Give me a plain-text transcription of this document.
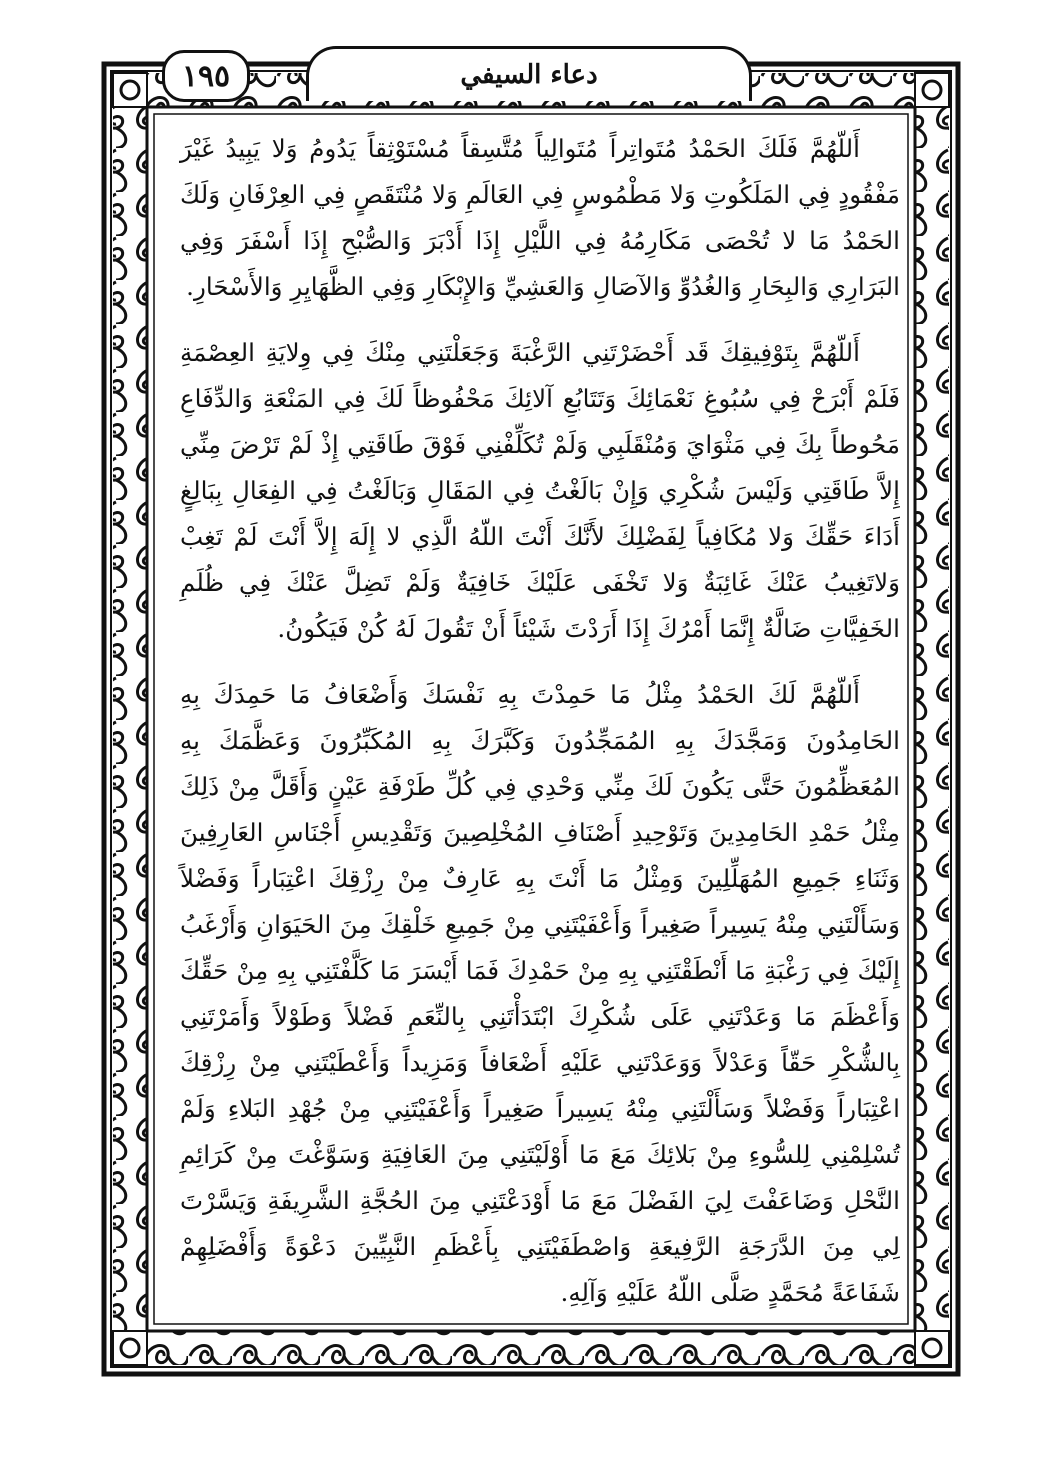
١٩٥	دعاء السيفي

أَللّهُمَّ فَلَكَ الحَمْدُ مُتَواتِراً مُتَوالِياً مُتَّسِقاً مُسْتَوْثِقاً يَدُومُ وَلا يَبِيدُ غَيْرَ مَفْقُودٍ فِي المَلَكُوتِ وَلا مَطْمُوسٍ فِي العَالَمِ وَلا مُنْتَقَصٍ فِي العِرْفَانِ وَلَكَ الحَمْدُ مَا لا تُحْصَى مَكَارِمُهُ فِي اللَّيْلِ إِذَا أَدْبَرَ وَالصُّبْحِ إِذَا أَسْفَرَ وَفِي البَرَارِي وَالبِحَارِ وَالغُدُوِّ وَالآصَالِ وَالعَشِيِّ وَالإِبْكَارِ وَفِي الظَّهَايِرِ وَالأَسْحَارِ.

أَللّهُمَّ بِتَوْفِيقِكَ قَد أَحْضَرْتَنِي الرَّغْبَةَ وَجَعَلْتَنِي مِنْكَ فِي وِلايَةِ العِصْمَةِ فَلَمْ أَبْرَحْ فِي سُبُوغِ نَعْمَائِكَ وَتَتَابُعِ آلائِكَ مَحْفُوظاً لَكَ فِي المَنْعَةِ وَالدِّفَاعِ مَحُوطاً بِكَ فِي مَثْوَايَ وَمُنْقَلَبِي وَلَمْ تُكَلِّفْنِي فَوْقَ طَاقَتِي إِذْ لَمْ تَرْضَ مِنِّي إِلاَّ طَاقَتِي وَلَيْسَ شُكْرِي وَإِنْ بَالَغْتُ فِي المَقَالِ وَبَالَغْتُ فِي الفِعَالِ بِبَالِغٍ أَدَاءَ حَقِّكَ وَلا مُكَافِياً لِفَضْلِكَ لأَنَّكَ أَنْتَ اللّهُ الَّذِي لا إِلَهَ إِلاَّ أَنْتَ لَمْ تَغِبْ وَلاتَغِيبُ عَنْكَ غَائِبَةٌ وَلا تَخْفَى عَلَيْكَ خَافِيَةٌ وَلَمْ تَضِلَّ عَنْكَ فِي ظُلَمِ الخَفِيَّاتِ ضَالَّةٌ إِنَّمَا أَمْرُكَ إِذَا أَرَدْتَ شَيْئاً أَنْ تَقُولَ لَهُ كُنْ فَيَكُونُ.

أَللّهُمَّ لَكَ الحَمْدُ مِثْلُ مَا حَمِدْتَ بِهِ نَفْسَكَ وَأَضْعَافُ مَا حَمِدَكَ بِهِ الحَامِدُونَ وَمَجَّدَكَ بِهِ المُمَجِّدُونَ وَكَبَّرَكَ بِهِ المُكَبِّرُونَ وَعَظَّمَكَ بِهِ المُعَظِّمُونَ حَتَّى يَكُونَ لَكَ مِنِّي وَحْدِي فِي كُلِّ طَرْفَةِ عَيْنٍ وَأَقَلَّ مِنْ ذَلِكَ مِثْلُ حَمْدِ الحَامِدِينَ وَتَوْحِيدِ أَصْنَافِ المُخْلِصِينَ وَتَقْدِيسِ أَجْنَاسِ العَارِفِينَ وَثَنَاءِ جَمِيعِ المُهَلِّلِينَ وَمِثْلُ مَا أَنْتَ بِهِ عَارِفٌ مِنْ رِزْقِكَ اعْتِبَاراً وَفَضْلاً وَسَأَلْتَنِي مِنْهُ يَسِيراً صَغِيراً وَأَعْفَيْتَنِي مِنْ جَمِيعِ خَلْقِكَ مِنَ الحَيَوَانِ وَأَرْغَبُ إِلَيْكَ فِي رَغْبَةِ مَا أَنْطَقْتَنِي بِهِ مِنْ حَمْدِكَ فَمَا أَيْسَرَ مَا كَلَّفْتَنِي بِهِ مِنْ حَقِّكَ وَأَعْظَمَ مَا وَعَدْتَنِي عَلَى شُكْرِكَ ابْتَدَأْتَنِي بِالنِّعَمِ فَضْلاً وَطَوْلاً وَأَمَرْتَنِي بِالشُّكْرِ حَقّاً وَعَدْلاً وَوَعَدْتَنِي عَلَيْهِ أَضْعَافاً وَمَزِيداً وَأَعْطَيْتَنِي مِنْ رِزْقِكَ اعْتِبَاراً وَفَضْلاً وَسَأَلْتَنِي مِنْهُ يَسِيراً صَغِيراً وَأَعْفَيْتَنِي مِنْ جُهْدِ البَلاءِ وَلَمْ تُسْلِمْنِي لِلسُّوءِ مِنْ بَلائِكَ مَعَ مَا أَوْلَيْتَنِي مِنَ العَافِيَةِ وَسَوَّغْتَ مِنْ كَرَائِمِ النَّحْلِ وَضَاعَفْتَ لِيَ الفَضْلَ مَعَ مَا أَوْدَعْتَنِي مِنَ الحُجَّةِ الشَّرِيفَةِ وَيَسَّرْتَ لِي مِنَ الدَّرَجَةِ الرَّفِيعَةِ وَاصْطَفَيْتَنِي بِأَعْظَمِ النَّبِيِّينَ دَعْوَةً وَأَفْضَلِهِمْ شَفَاعَةً مُحَمَّدٍ صَلَّى اللّهُ عَلَيْهِ وَآلِهِ.
